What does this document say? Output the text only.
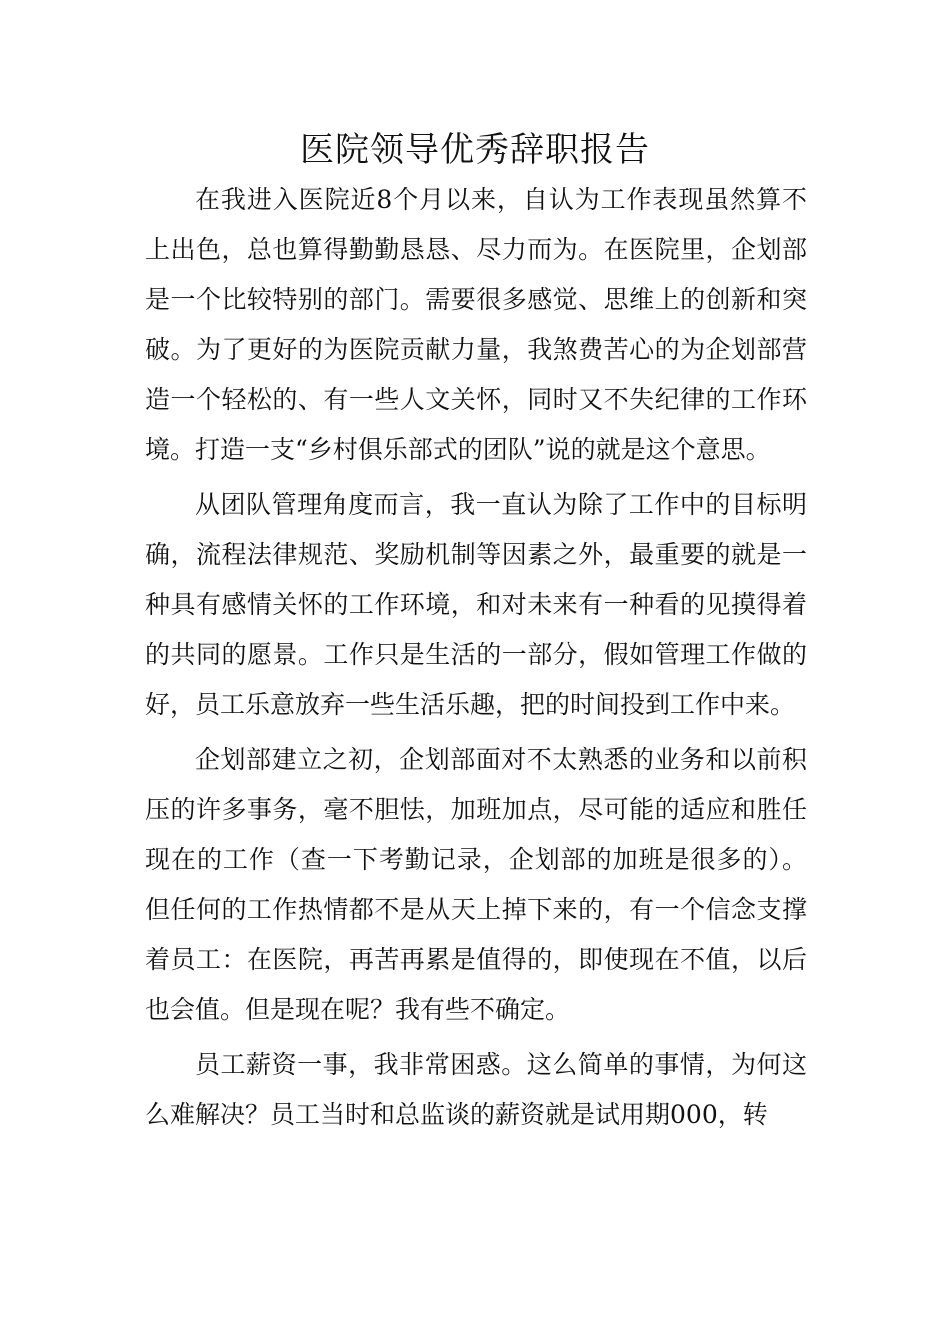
医院领导优秀辞职报告

在我进入医院近8个月以来，自认为工作表现虽然算不上出色，总也算得勤勤恳恳、尽力而为。在医院里，企划部是一个比较特别的部门。需要很多感觉、思维上的创新和突破。为了更好的为医院贡献力量，我煞费苦心的为企划部营造一个轻松的、有一些人文关怀，同时又不失纪律的工作环境。打造一支“乡村俱乐部式的团队”说的就是这个意思。

从团队管理角度而言，我一直认为除了工作中的目标明确，流程法律规范、奖励机制等因素之外，最重要的就是一种具有感情关怀的工作环境，和对未来有一种看的见摸得着的共同的愿景。工作只是生活的一部分，假如管理工作做的好，员工乐意放弃一些生活乐趣，把的时间投到工作中来。

企划部建立之初，企划部面对不太熟悉的业务和以前积压的许多事务，毫不胆怯，加班加点，尽可能的适应和胜任现在的工作（查一下考勤记录，企划部的加班是很多的）。但任何的工作热情都不是从天上掉下来的，有一个信念支撑着员工：在医院，再苦再累是值得的，即使现在不值，以后也会值。但是现在呢？我有些不确定。

员工薪资一事，我非常困惑。这么简单的事情，为何这么难解决？员工当时和总监谈的薪资就是试用期000，转
